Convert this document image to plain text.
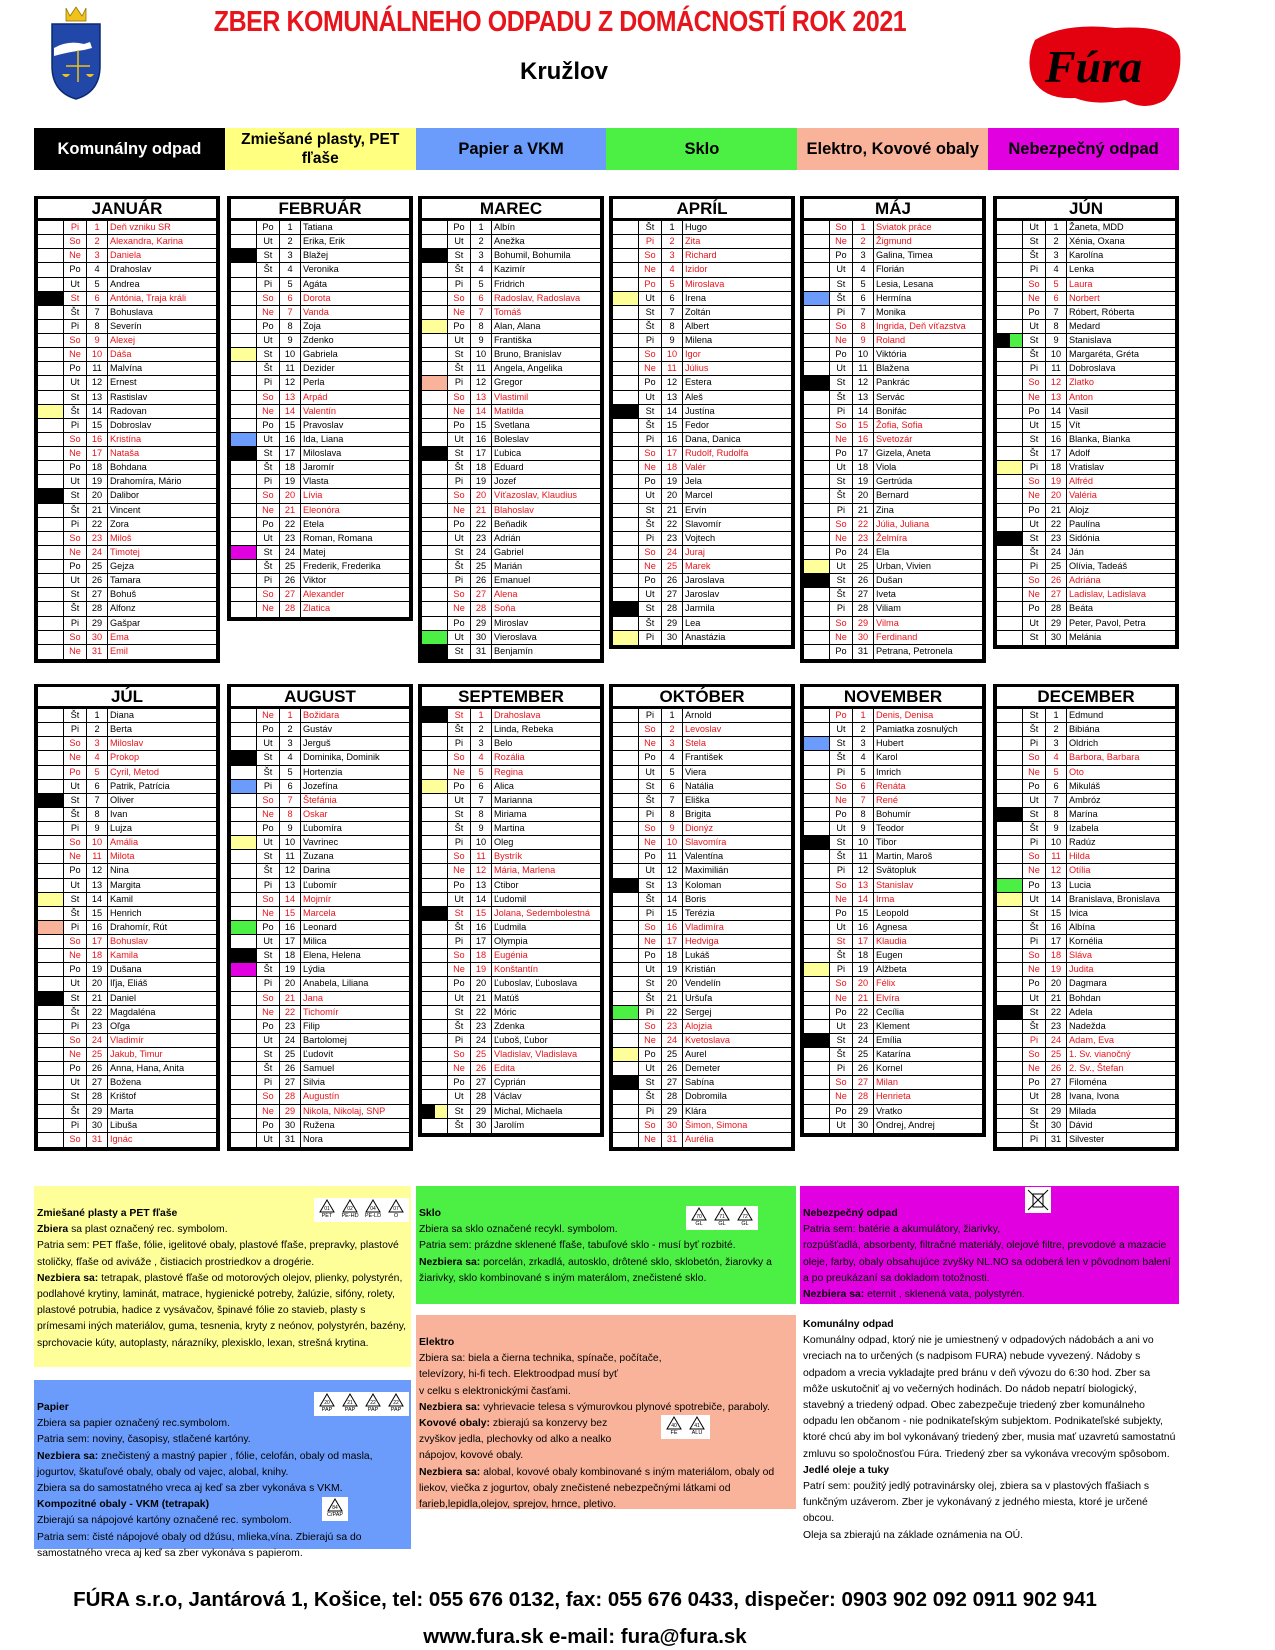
ZBER KOMUNÁLNEHO ODPADU Z DOMÁCNOSTÍ ROK 2021
Kružlov	Fúra
Komunálny odpad	Zmiešané plasty, PET fľaše
Papier a VKM	Sklo	Elektro, Kovové obaly	Nebezpečný odpad
JANUÁR
Pi	1	Deň vzniku SR
So	2	Alexandra, Karina
Ne	3	Daniela
Po	4	Drahoslav
Ut	5	Andrea
St	6	Antónia, Traja králi
Št	7	Bohuslava
Pi	8	Severín
So	9	Alexej
Ne	10 Dáša
Po	11 Malvína
Ut	12 Ernest
St	13 Rastislav
Št	14 Radovan
Pi	15 Dobroslav
So	16 Kristína
Ne	17 Nataša
Po	18 Bohdana
Ut	19 Drahomíra, Mário
St	20 Dalibor
Št	21 Vincent
Pi	22 Zora
So	23 Miloš
Ne	24 Timotej
Po	25 Gejza
Ut	26 Tamara
St	27 Bohuš
Št	28 Alfonz
Pi	29 Gašpar
So	30 Ema
Ne	31 Emil
FEBRUÁR
Po	1	Tatiana
Ut	2	Erika, Erik
St	3	Blažej
Št	4	Veronika
Pi	5	Agáta
So	6	Dorota
Ne	7	Vanda
Po	8	Zoja
Ut	9	Zdenko
St	10 Gabriela
Št	11 Dezider
Pi	12 Perla
So	13 Arpád
Ne	14 Valentín
Po	15 Pravoslav
Ut	16 Ida, Liana
St	17 Miloslava
Št	18 Jaromír
Pi	19 Vlasta
So	20 Lívia
Ne	21 Eleonóra
Po	22 Etela
Ut	23 Roman, Romana
St	24 Matej
Št	25 Frederik, Frederika
Pi	26 Viktor
So	27 Alexander
Ne	28 Zlatica
MAREC
Po	1	Albín
Ut	2	Anežka
St	3	Bohumil, Bohumila
Št	4	Kazimír
Pi	5	Fridrich
So	6	Radoslav, Radoslava
Ne	7	Tomáš
Po	8	Alan, Alana
Ut	9	Františka
St	10 Bruno, Branislav
Št	11 Angela, Angelika
Pi	12 Gregor
So	13 Vlastimil
Ne	14 Matilda
Po	15 Svetlana
Ut	16 Boleslav
St	17 Ľubica
Št	18 Eduard
Pi	19 Jozef
So	20 Víťazoslav, Klaudius
Ne	21 Blahoslav
Po	22 Beňadik
Ut	23 Adrián
St	24 Gabriel
Št	25 Marián
Pi	26 Emanuel
So	27 Alena
Ne	28 Soňa
Po	29 Miroslav
Ut	30 Vieroslava
St	31 Benjamín
APRÍL
Št	1	Hugo
Pi	2	Zita
So	3	Richard
Ne	4	Izidor
Po	5	Miroslava
Ut	6	Irena
St	7	Zoltán
Št	8	Albert
Pi	9	Milena
So	10 Igor
Ne	11 Július
Po	12 Estera
Ut	13 Aleš
St	14 Justína
Št	15 Fedor
Pi	16 Dana, Danica
So	17 Rudolf, Rudolfa
Ne	18 Valér
Po	19 Jela
Ut	20 Marcel
St	21 Ervín
Št	22 Slavomír
Pi	23 Vojtech
So	24 Juraj
Ne	25 Marek
Po	26 Jaroslava
Ut	27 Jaroslav
St	28 Jarmila
Št	29 Lea
Pi	30 Anastázia
MÁJ
So	1	Sviatok práce
Ne	2	Žigmund
Po	3	Galina, Timea
Ut	4	Florián
St	5	Lesia, Lesana
Št	6	Hermína
Pi	7	Monika
So	8	Ingrida, Deň víťazstva
Ne	9	Roland
Po	10 Viktória
Ut	11 Blažena
St	12 Pankrác
Št	13 Servác
Pi	14 Bonifác
So	15 Žofia, Sofia
Ne	16 Svetozár
Po	17 Gizela, Aneta
Ut	18 Viola
St	19 Gertrúda
Št	20 Bernard
Pi	21 Zina
So	22 Júlia, Juliana
Ne	23 Želmíra
Po	24 Ela
Ut	25 Urban, Vivien
St	26 Dušan
Št	27 Iveta
Pi	28 Viliam
So	29 Vilma
Ne	30 Ferdinand
Po	31 Petrana, Petronela
JÚN
Ut	1	Žaneta, MDD
St	2	Xénia, Oxana
Št	3	Karolína
Pi	4	Lenka
So	5	Laura
Ne	6	Norbert
Po	7	Róbert, Róberta
Ut	8	Medard
St	9	Stanislava
Št	10 Margaréta, Gréta
Pi	11 Dobroslava
So	12 Zlatko
Ne	13 Anton
Po	14 Vasil
Ut	15 Vít
St	16 Blanka, Bianka
Št	17 Adolf
Pi	18 Vratislav
So	19 Alfréd
Ne	20 Valéria
Po	21 Alojz
Ut	22 Paulína
St	23 Sidónia
Št	24 Ján
Pi	25 Olívia, Tadeáš
So	26 Adriána
Ne	27 Ladislav, Ladislava
Po	28 Beáta
Ut	29 Peter, Pavol, Petra
St	30 Melánia
JÚL
Št	1	Diana
Pi	2	Berta
So	3	Miloslav
Ne	4	Prokop
Po	5	Cyril, Metod
Ut	6	Patrik, Patrícia
St	7	Oliver
Št	8	Ivan
Pi	9	Lujza
So	10 Amália
Ne	11 Milota
Po	12 Nina
Ut	13 Margita
St	14 Kamil
Št	15 Henrich
Pi	16 Drahomír, Rút
So	17 Bohuslav
Ne	18 Kamila
Po	19 Dušana
Ut	20 Iľja, Eliáš
St	21 Daniel
Št	22 Magdaléna
Pi	23 Oľga
So	24 Vladimír
Ne	25 Jakub, Timur
Po	26 Anna, Hana, Anita
Ut	27 Božena
St	28 Krištof
Št	29 Marta
Pi	30 Libuša
So	31 Ignác
AUGUST
Ne	1	Božidara
Po	2	Gustáv
Ut	3	Jerguš
St	4	Dominika, Dominik
Št	5	Hortenzia
Pi	6	Jozefína
So	7	Štefánia
Ne	8	Oskar
Po	9	Ľubomíra
Ut	10 Vavrinec
St	11 Zuzana
Št	12 Darina
Pi	13 Ľubomír
So	14 Mojmír
Ne	15 Marcela
Po	16 Leonard
Ut	17 Milica
St	18 Elena, Helena
Št	19 Lýdia
Pi	20 Anabela, Liliana
So	21 Jana
Ne	22 Tichomír
Po	23 Filip
Ut	24 Bartolomej
St	25 Ľudovít
Št	26 Samuel
Pi	27 Silvia
So	28 Augustín
Ne	29 Nikola, Nikolaj, SNP
Po	30 Ružena
Ut	31 Nora
SEPTEMBER
St	1	Drahoslava
Št	2	Linda, Rebeka
Pi	3	Belo
So	4	Rozália
Ne	5	Regina
Po	6	Alica
Ut	7	Marianna
St	8	Miriama
Št	9	Martina
Pi	10 Oleg
So	11 Bystrík
Ne	12 Mária, Marlena
Po	13 Ctibor
Ut	14 Ľudomil
St	15 Jolana, Sedembolestná
Št	16 Ľudmila
Pi	17 Olympia
So	18 Eugénia
Ne	19 Konštantín
Po	20 Ľuboslav, Ľuboslava
Ut	21 Matúš
St	22 Móric
Št	23 Zdenka
Pi	24 Ľuboš, Ľubor
So	25 Vladislav, Vladislava
Ne	26 Edita
Po	27 Cyprián
Ut	28 Václav
St	29 Michal, Michaela
Št	30 Jarolím
OKTÓBER
Pi	1	Arnold
So	2	Levoslav
Ne	3	Stela
Po	4	František
Ut	5	Viera
St	6	Natália
Št	7	Eliška
Pi	8	Brigita
So	9	Dionýz
Ne	10 Slavomíra
Po	11 Valentína
Ut	12 Maximilián
St	13 Koloman
Št	14 Boris
Pi	15 Terézia
So	16 Vladimíra
Ne	17 Hedviga
Po	18 Lukáš
Ut	19 Kristián
St	20 Vendelín
Št	21 Uršuľa
Pi	22 Sergej
So	23 Alojzia
Ne	24 Kvetoslava
Po	25 Aurel
Ut	26 Demeter
St	27 Sabína
Št	28 Dobromila
Pi	29 Klára
So	30 Šimon, Simona
Ne	31 Aurélia
NOVEMBER
Po	1	Denis, Denisa
Ut	2	Pamiatka zosnulých
St	3	Hubert
Št	4	Karol
Pi	5	Imrich
So	6	Renáta
Ne	7	René
Po	8	Bohumír
Ut	9	Teodor
St	10 Tibor
Št	11 Martin, Maroš
Pi	12 Svätopluk
So	13 Stanislav
Ne	14 Irma
Po	15 Leopold
Ut	16 Agnesa
St	17 Klaudia
Št	18 Eugen
Pi	19 Alžbeta
So	20 Félix
Ne	21 Elvíra
Po	22 Cecília
Ut	23 Klement
St	24 Emília
Št	25 Katarína
Pi	26 Kornel
So	27 Milan
Ne	28 Henrieta
Po	29 Vratko
Ut	30 Ondrej, Andrej
DECEMBER
St	1	Edmund
Št	2	Bibiána
Pi	3	Oldrich
So	4	Barbora, Barbara
Ne	5	Oto
Po	6	Mikuláš
Ut	7	Ambróz
St	8	Marína
Št	9	Izabela
Pi	10 Radúz
So	11 Hilda
Ne	12 Otília
Po	13 Lucia
Ut	14 Branislava, Bronislava
St	15 Ivica
Št	16 Albína
Pi	17 Kornélia
So	18 Sláva
Ne	19 Judita
Po	20 Dagmara
Ut	21 Bohdan
St	22 Adela
Št	23 Nadežda
Pi	24 Adam, Eva
So	25 1. Sv. vianočný
Ne	26 2. Sv., Štefan
Po	27 Filoména
Ut	28 Ivana, Ivona
St	29 Milada
Št	30 Dávid
Pi	31 Silvester

Zmiešané plasty a PET fľaše

Zbiera sa plast označený rec. symbolom.

Patria sem: PET fľaše, fólie, igelitové obaly, plastové fľaše, prepravky, plastové stoličky, fľaše od aviváže , čistiacich prostriedkov a drogérie.

Nezbiera sa: tetrapak, plastové fľaše od motorových olejov, plienky, polystyrén, podlahové krytiny, laminát, matrace, hygienické potreby, žalúzie, sifóny, rolety, plastové potrubia, hadice z vysávačov, špinavé fólie zo stavieb, plasty s prímesami iných materiálov, guma, tesnenia, kryty z neónov, polystyrén, bazény, sprchovacie kúty, autoplasty, nárazníky, plexisklo, lexan, strešná krytina.

01
PET
02
PE-HD
04
PE-LD
07
O

Papier

Zbiera sa papier označený rec.symbolom.

Patria sem: noviny, časopisy, stlačené kartóny.

Nezbiera sa: znečistený a mastný papier , fólie, celofán, obaly od masla, jogurtov, škatuľové obaly, obaly od vajec, alobal, knihy.

Zbiera sa do samostatného vreca aj keď sa zber vykonáva s VKM.

Kompozitné obaly - VKM (tetrapak)

Zbierajú sa nápojové kartóny označené rec. symbolom.

Patria sem: čisté nápojové obaly od džúsu, mlieka,vína. Zbierajú sa do samostatného vreca aj keď sa zber vykonáva s papierom.

20
PAP
21
PAP
22
PAP
22
PAP
84
C/PAP

Sklo

Zbiera sa sklo označené recykl. symbolom.

Patria sem: prázdne sklenené fľaše, tabuľové sklo - musí byť rozbité.

Nezbiera sa: porcelán, zrkadlá, autosklo, drôtené sklo, sklobetón, žiarovky a žiarivky, sklo kombinované s iným materálom, znečistené sklo.

70
GL
71
GL
72
GL

Elektro

Zbiera sa: biela a čierna technika, spínače, počítače,

televízory, hi-fi tech. Elektroodpad musí byť

v celku s elektronickými časťami.

Nezbiera sa: vyhrievacie telesa s výmurovkou plynové spotrebiče, paraboly.

Kovové obaly: zbierajú sa konzervy bez

zvyškov jedla, plechovky od alko a nealko

nápojov, kovové obaly.

Nezbiera sa: alobal, kovové obaly kombinované s iným materiálom, obaly od liekov, viečka z jogurtov, obaly znečistené nebezpečnými látkami od farieb,lepidla,olejov, sprejov, hrnce, pletivo.

40
FE
41
ALU

Nebezpečný odpad

Patria sem: batérie a akumulátory, žiarivky,

rozpúšťadlá, absorbenty, filtračné materiály, olejové filtre, prevodové a mazacie oleje, farby, obaly obsahujúce zvyšky NL.NO sa odoberá len v pôvodnom balení a po preukázaní sa dokladom totožnosti.

Nezbiera sa: eternit , sklenená vata, polystyrén.

Komunálny odpad

Komunálny odpad, ktorý nie je umiestnený v odpadových nádobách a ani vo vreciach na to určených (s nadpisom FURA) nebude vyvezený. Nádoby s odpadom a vrecia vykladajte pred bránu v deň vývozu do 6:30 hod. Zber sa môže uskutočniť aj vo večerných hodinách. Do nádob nepatrí biologický, stavebný a triedený odpad. Obec zabezpečuje triedený zber komunálneho odpadu len občanom - nie podnikateľským subjektom. Podnikateľské subjekty, ktoré chcú aby im bol vykonávaný triedený zber, musia mať uzavretú samostatnú zmluvu so spoločnosťou Fúra. Triedený zber sa vykonáva vrecovým spôsobom.

Jedlé oleje a tuky

Patrí sem: použitý jedlý potravinársky olej, zbiera sa v plastových fľašiach s funkčným uzáverom. Zber je vykonávaný z jedného miesta, ktoré je určené obcou.

Oleja sa zbierajú na základe oznámenia na OÚ.

FÚRA s.r.o, Jantárová 1, Košice, tel: 055 676 0132, fax: 055 676 0433, dispečer: 0903 902 092 0911 902 941
www.fura.sk e-mail: fura@fura.sk
